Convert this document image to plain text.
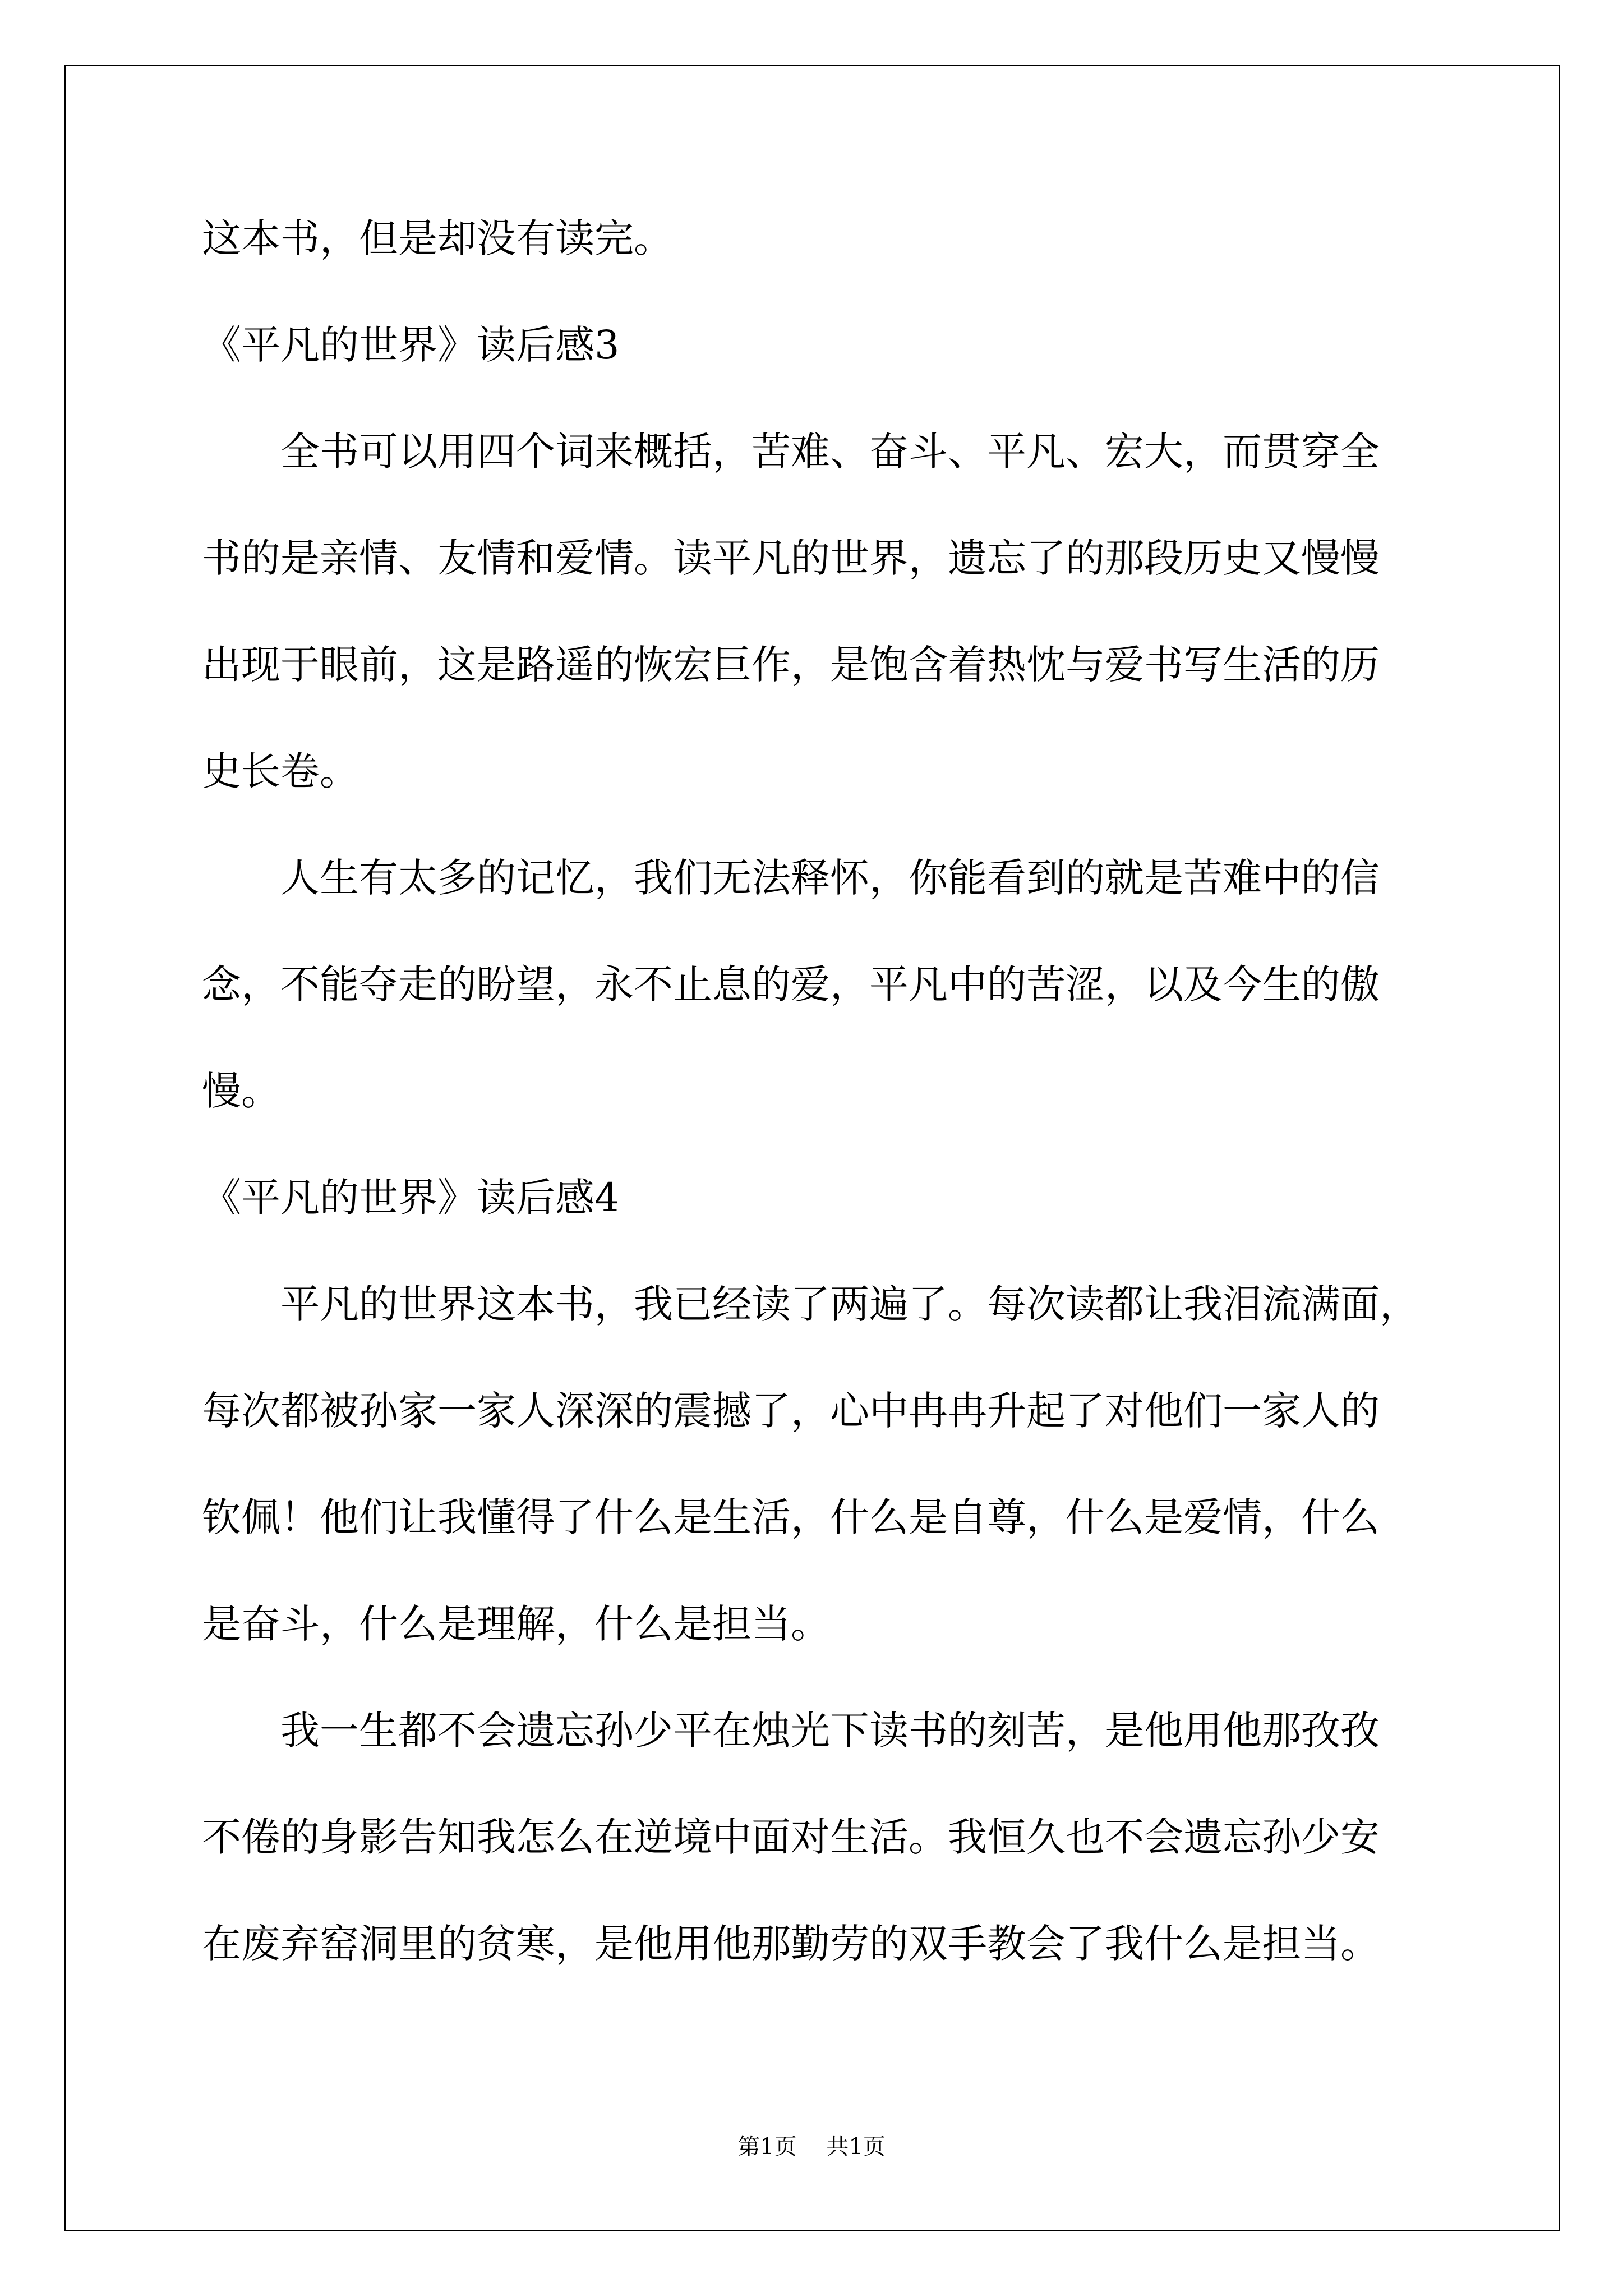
这本书，但是却没有读完。
《平凡的世界》读后感3
全书可以用四个词来概括，苦难、奋斗、平凡、宏大，而贯穿全
书的是亲情、友情和爱情。读平凡的世界，遗忘了的那段历史又慢慢
出现于眼前，这是路遥的恢宏巨作，是饱含着热忱与爱书写生活的历
史长卷。
人生有太多的记忆，我们无法释怀，你能看到的就是苦难中的信
念，不能夺走的盼望，永不止息的爱，平凡中的苦涩，以及今生的傲
慢。
《平凡的世界》读后感4
平凡的世界这本书，我已经读了两遍了。每次读都让我泪流满面，
每次都被孙家一家人深深的震撼了，心中冉冉升起了对他们一家人的
钦佩！他们让我懂得了什么是生活，什么是自尊，什么是爱情，什么
是奋斗，什么是理解，什么是担当。
我一生都不会遗忘孙少平在烛光下读书的刻苦，是他用他那孜孜
不倦的身影告知我怎么在逆境中面对生活。我恒久也不会遗忘孙少安
在废弃窑洞里的贫寒，是他用他那勤劳的双手教会了我什么是担当。
第1页 共1页
